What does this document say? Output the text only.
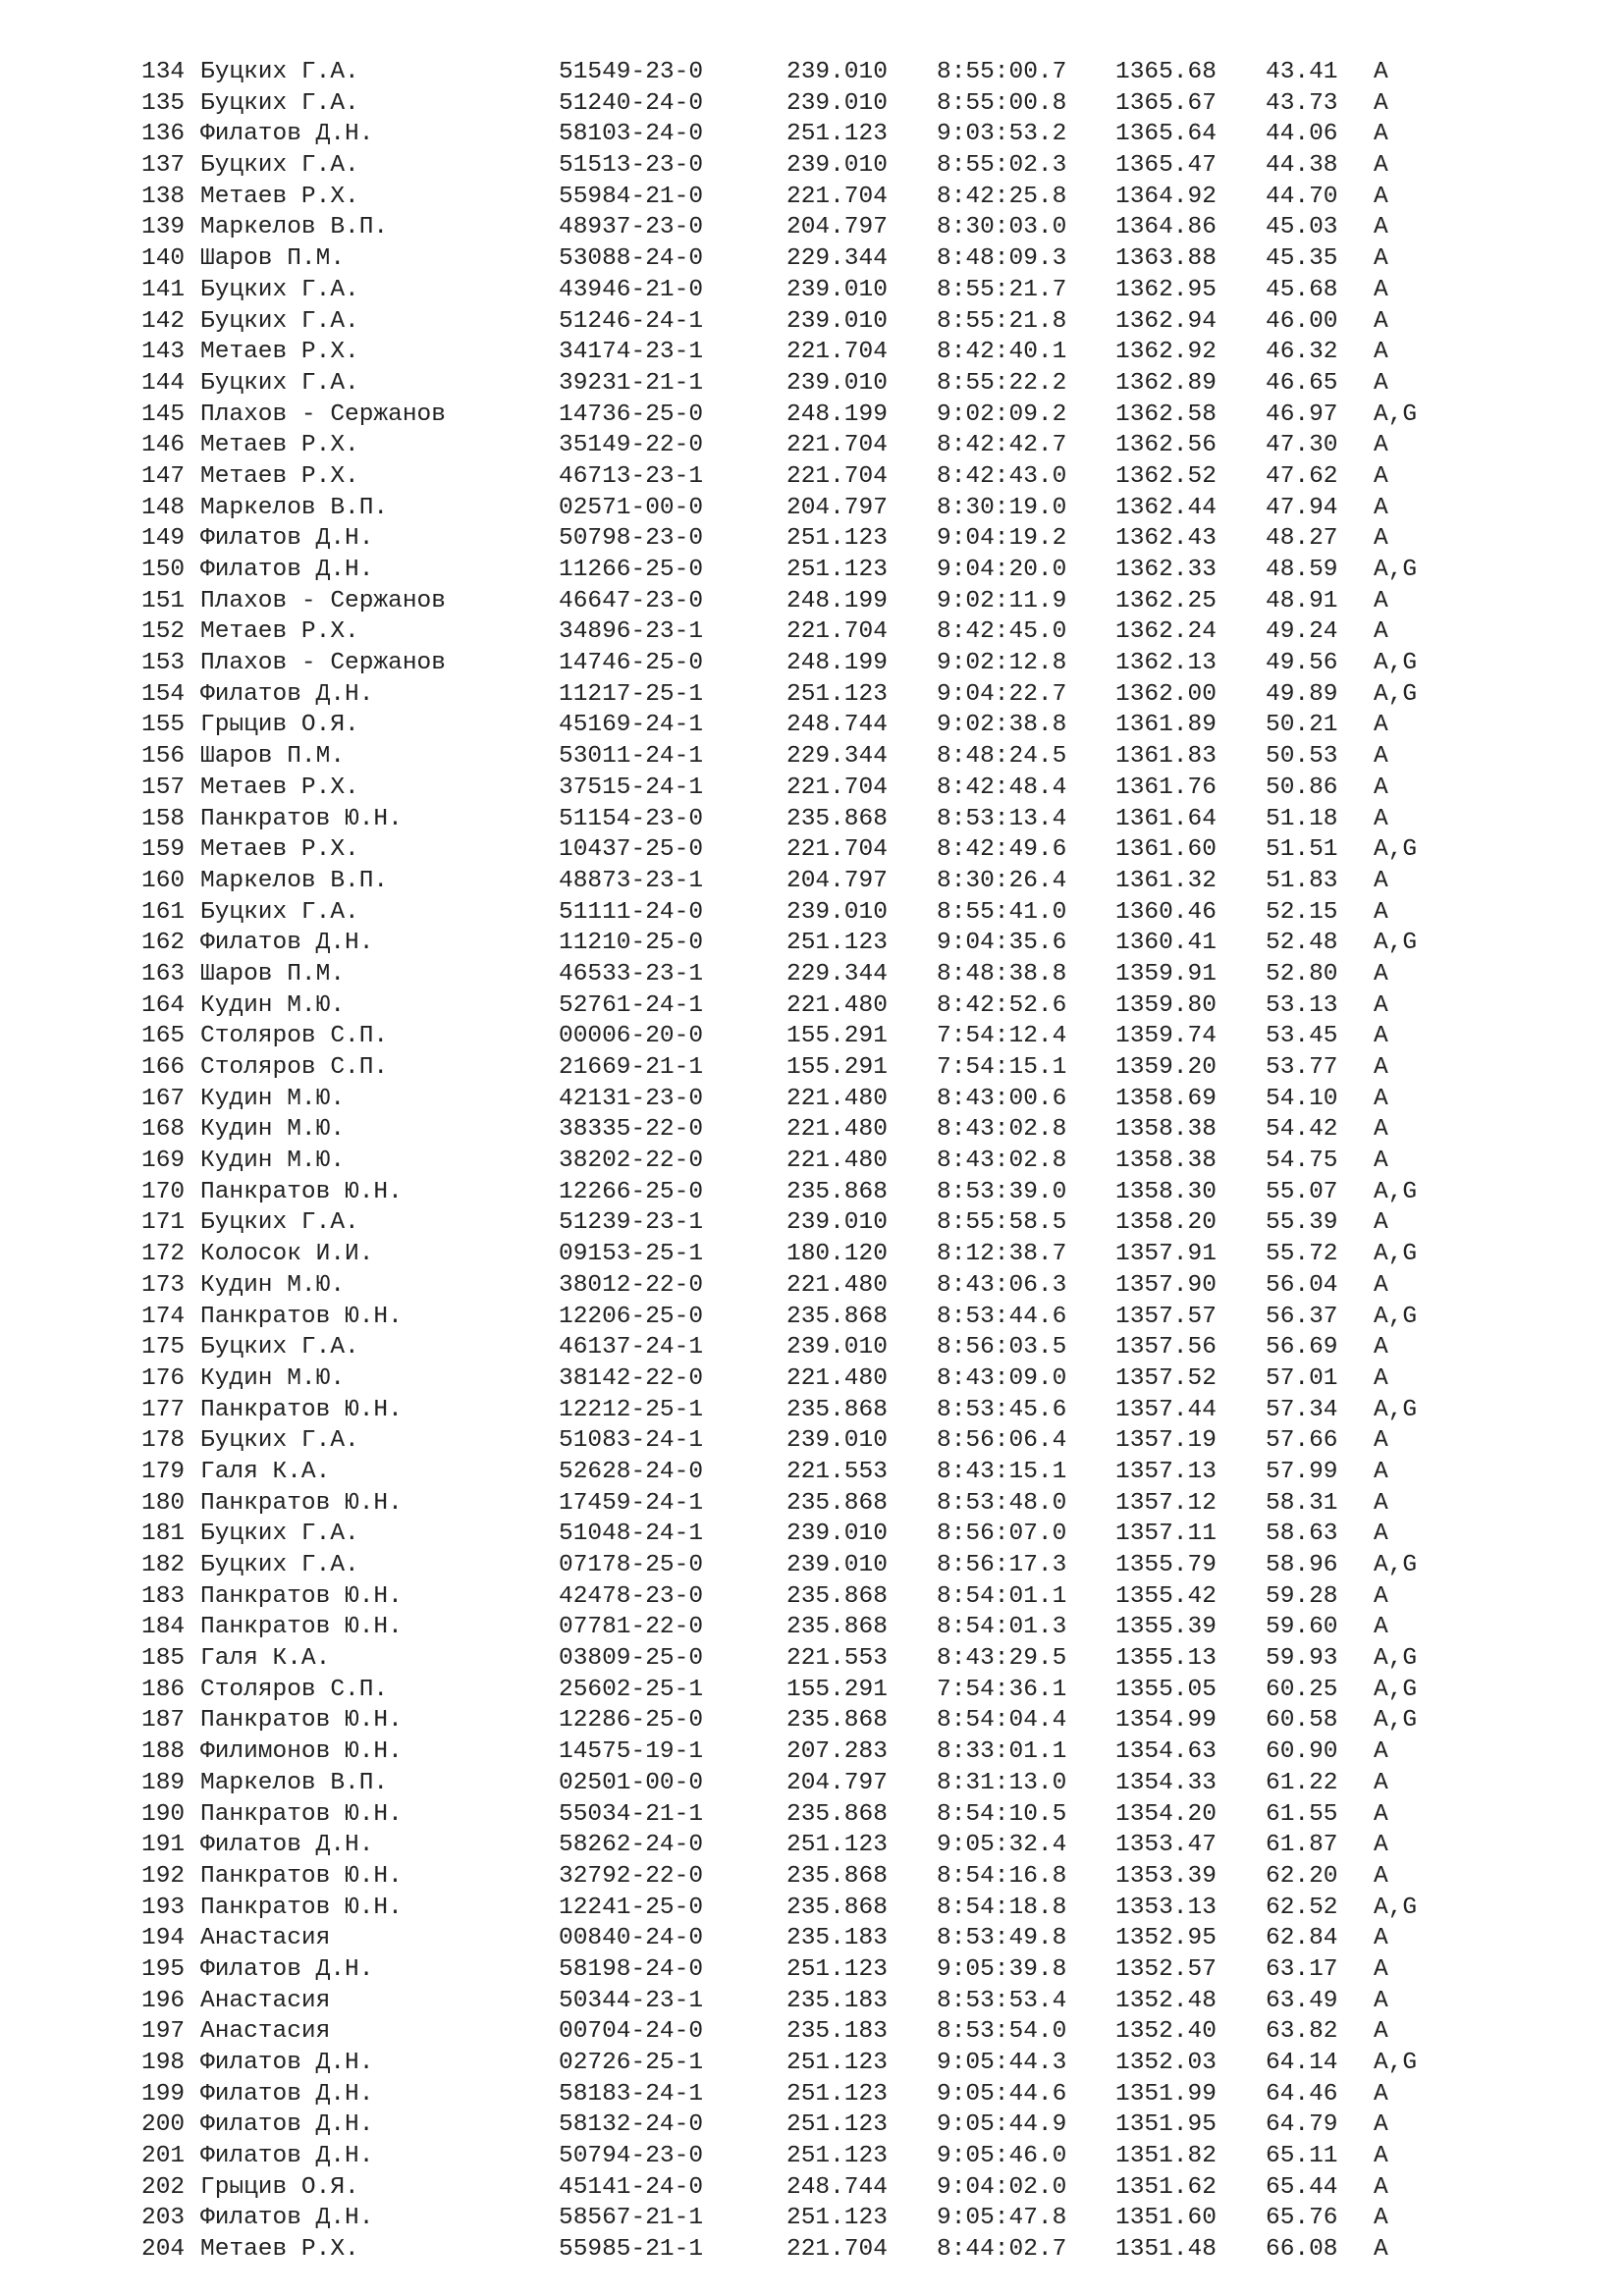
134 Буцких Г.А.	51549-23-0	239.010	8:55:00.7	1365.68	43.41	A
135 Буцких Г.А.	51240-24-0	239.010	8:55:00.8	1365.67	43.73	A
136 Филатов Д.Н.	58103-24-0	251.123	9:03:53.2	1365.64	44.06	A
137 Буцких Г.А.	51513-23-0	239.010	8:55:02.3	1365.47	44.38	A
138 Метаев Р.Х.	55984-21-0	221.704	8:42:25.8	1364.92	44.70	A
139 Маркелов В.П.	48937-23-0	204.797	8:30:03.0	1364.86	45.03	A
140 Шаров П.М.	53088-24-0	229.344	8:48:09.3	1363.88	45.35	A
141 Буцких Г.А.	43946-21-0	239.010	8:55:21.7	1362.95	45.68	A
142 Буцких Г.А.	51246-24-1	239.010	8:55:21.8	1362.94	46.00	A
143 Метаев Р.Х.	34174-23-1	221.704	8:42:40.1	1362.92	46.32	A
144 Буцких Г.А.	39231-21-1	239.010	8:55:22.2	1362.89	46.65	A
145 Плахов - Сержанов	14736-25-0	248.199	9:02:09.2	1362.58	46.97	A,G
146 Метаев Р.Х.	35149-22-0	221.704	8:42:42.7	1362.56	47.30	A
147 Метаев Р.Х.	46713-23-1	221.704	8:42:43.0	1362.52	47.62	A
148 Маркелов В.П.	02571-00-0	204.797	8:30:19.0	1362.44	47.94	A
149 Филатов Д.Н.	50798-23-0	251.123	9:04:19.2	1362.43	48.27	A
150 Филатов Д.Н.	11266-25-0	251.123	9:04:20.0	1362.33	48.59	A,G
151 Плахов - Сержанов	46647-23-0	248.199	9:02:11.9	1362.25	48.91	A
152 Метаев Р.Х.	34896-23-1	221.704	8:42:45.0	1362.24	49.24	A
153 Плахов - Сержанов	14746-25-0	248.199	9:02:12.8	1362.13	49.56	A,G
154 Филатов Д.Н.	11217-25-1	251.123	9:04:22.7	1362.00	49.89	A,G
155 Грыцив О.Я.	45169-24-1	248.744	9:02:38.8	1361.89	50.21	A
156 Шаров П.М.	53011-24-1	229.344	8:48:24.5	1361.83	50.53	A
157 Метаев Р.Х.	37515-24-1	221.704	8:42:48.4	1361.76	50.86	A
158 Панкратов Ю.Н.	51154-23-0	235.868	8:53:13.4	1361.64	51.18	A
159 Метаев Р.Х.	10437-25-0	221.704	8:42:49.6	1361.60	51.51	A,G
160 Маркелов В.П.	48873-23-1	204.797	8:30:26.4	1361.32	51.83	A
161 Буцких Г.А.	51111-24-0	239.010	8:55:41.0	1360.46	52.15	A
162 Филатов Д.Н.	11210-25-0	251.123	9:04:35.6	1360.41	52.48	A,G
163 Шаров П.М.	46533-23-1	229.344	8:48:38.8	1359.91	52.80	A
164 Кудин М.Ю.	52761-24-1	221.480	8:42:52.6	1359.80	53.13	A
165 Столяров С.П.	00006-20-0	155.291	7:54:12.4	1359.74	53.45	A
166 Столяров С.П.	21669-21-1	155.291	7:54:15.1	1359.20	53.77	A
167 Кудин М.Ю.	42131-23-0	221.480	8:43:00.6	1358.69	54.10	A
168 Кудин М.Ю.	38335-22-0	221.480	8:43:02.8	1358.38	54.42	A
169 Кудин М.Ю.	38202-22-0	221.480	8:43:02.8	1358.38	54.75	A
170 Панкратов Ю.Н.	12266-25-0	235.868	8:53:39.0	1358.30	55.07	A,G
171 Буцких Г.А.	51239-23-1	239.010	8:55:58.5	1358.20	55.39	A
172 Колосок И.И.	09153-25-1	180.120	8:12:38.7	1357.91	55.72	A,G
173 Кудин М.Ю.	38012-22-0	221.480	8:43:06.3	1357.90	56.04	A
174 Панкратов Ю.Н.	12206-25-0	235.868	8:53:44.6	1357.57	56.37	A,G
175 Буцких Г.А.	46137-24-1	239.010	8:56:03.5	1357.56	56.69	A
176 Кудин М.Ю.	38142-22-0	221.480	8:43:09.0	1357.52	57.01	A
177 Панкратов Ю.Н.	12212-25-1	235.868	8:53:45.6	1357.44	57.34	A,G
178 Буцких Г.А.	51083-24-1	239.010	8:56:06.4	1357.19	57.66	A
179 Галя К.А.	52628-24-0	221.553	8:43:15.1	1357.13	57.99	A
180 Панкратов Ю.Н.	17459-24-1	235.868	8:53:48.0	1357.12	58.31	A
181 Буцких Г.А.	51048-24-1	239.010	8:56:07.0	1357.11	58.63	A
182 Буцких Г.А.	07178-25-0	239.010	8:56:17.3	1355.79	58.96	A,G
183 Панкратов Ю.Н.	42478-23-0	235.868	8:54:01.1	1355.42	59.28	A
184 Панкратов Ю.Н.	07781-22-0	235.868	8:54:01.3	1355.39	59.60	A
185 Галя К.А.	03809-25-0	221.553	8:43:29.5	1355.13	59.93	A,G
186 Столяров С.П.	25602-25-1	155.291	7:54:36.1	1355.05	60.25	A,G
187 Панкратов Ю.Н.	12286-25-0	235.868	8:54:04.4	1354.99	60.58	A,G
188 Филимонов Ю.Н.	14575-19-1	207.283	8:33:01.1	1354.63	60.90	A
189 Маркелов В.П.	02501-00-0	204.797	8:31:13.0	1354.33	61.22	A
190 Панкратов Ю.Н.	55034-21-1	235.868	8:54:10.5	1354.20	61.55	A
191 Филатов Д.Н.	58262-24-0	251.123	9:05:32.4	1353.47	61.87	A
192 Панкратов Ю.Н.	32792-22-0	235.868	8:54:16.8	1353.39	62.20	A
193 Панкратов Ю.Н.	12241-25-0	235.868	8:54:18.8	1353.13	62.52	A,G
194 Анастасия	00840-24-0	235.183	8:53:49.8	1352.95	62.84	A
195 Филатов Д.Н.	58198-24-0	251.123	9:05:39.8	1352.57	63.17	A
196 Анастасия	50344-23-1	235.183	8:53:53.4	1352.48	63.49	A
197 Анастасия	00704-24-0	235.183	8:53:54.0	1352.40	63.82	A
198 Филатов Д.Н.	02726-25-1	251.123	9:05:44.3	1352.03	64.14	A,G
199 Филатов Д.Н.	58183-24-1	251.123	9:05:44.6	1351.99	64.46	A
200 Филатов Д.Н.	58132-24-0	251.123	9:05:44.9	1351.95	64.79	A
201 Филатов Д.Н.	50794-23-0	251.123	9:05:46.0	1351.82	65.11	A
202 Грыцив О.Я.	45141-24-0	248.744	9:04:02.0	1351.62	65.44	A
203 Филатов Д.Н.	58567-21-1	251.123	9:05:47.8	1351.60	65.76	A
204 Метаев Р.Х.	55985-21-1	221.704	8:44:02.7	1351.48	66.08	A
